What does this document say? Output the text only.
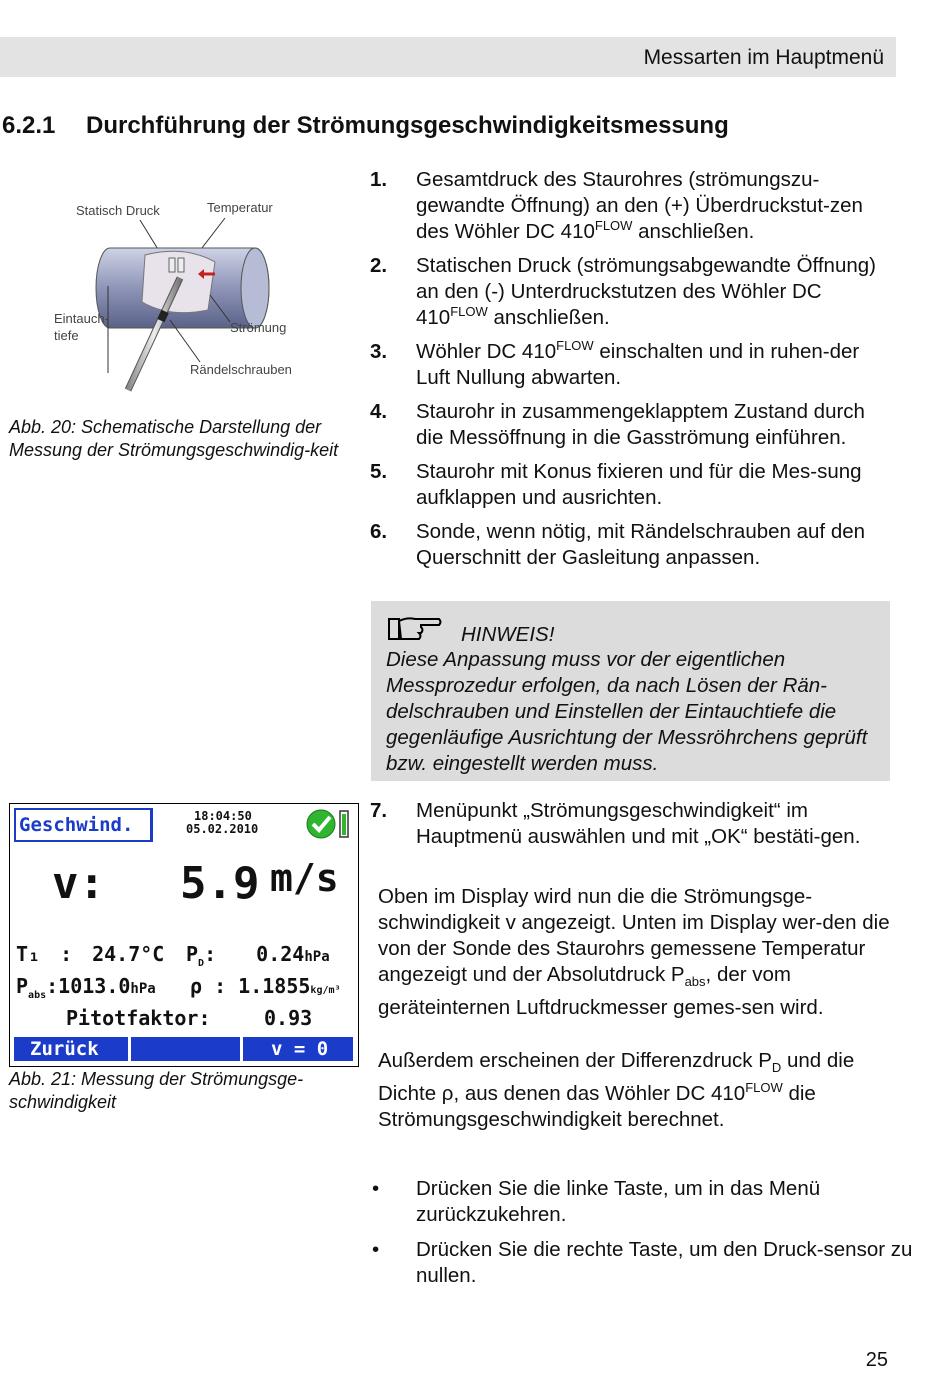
Messarten im Hauptmenü
6.2.1 Durchführung der Strömungsgeschwindigkeitsmessung
Statisch Druck	Temperatur
Eintauch-
tiefe
Strömung
Rändelschrauben
Abb. 20: Schematische Darstellung der Messung der Strömungsgeschwindig-keit
1. Gesamtdruck des Staurohres (strömungszu-gewandte Öffnung) an den (+) Überdruckstut-zen des Wöhler DC $410^{FLOW}$ anschließen.
2. Statischen Druck (strömungsabgewandte Öffnung) an den (-) Unterdruckstutzen des Wöhler DC $410^{FLOW}$ anschließen.
3. Wöhler DC $410^{FLOW}$ einschalten und in ruhen-der Luft Nullung abwarten.
4. Staurohr in zusammengeklapptem Zustand durch die Messöffnung in die Gasströmung einführen.
5. Staurohr mit Konus fixieren und für die Mes-sung aufklappen und ausrichten.
6. Sonde, wenn nötig, mit Rändelschrauben auf den Querschnitt der Gasleitung anpassen.
HINWEIS!
Diese Anpassung muss vor der eigentlichen Messprozedur erfolgen, da nach Lösen der Rän-delschrauben und Einstellen der Eintauchtiefe die gegenläufige Ausrichtung der Messröhrchens geprüft bzw. eingestellt werden muss.
Geschwind.	18:04:50
05.02.2010
v: 5.9 m/s
T₁ : 24.7°C $P_D$: 0.24hPa
$P_{abs}:1013.0hPa$ ρ : 1.1855kg/m³
Pitotfaktor:	0.93
Zurück	v = 0
Abb. 21: Messung der Strömungsge-schwindigkeit
7. Menüpunkt „Strömungsgeschwindigkeit“ im Hauptmenü auswählen und mit „OK“ bestäti-gen.
Oben im Display wird nun die die Strömungsge-schwindigkeit v angezeigt. Unten im Display wer-den die von der Sonde des Staurohrs gemessene Temperatur angezeigt und der Absolutdruck $P_{abs}$, der vom geräteinternen Luftdruckmesser gemes-sen wird.
Außerdem erscheinen der Differenzdruck $P_D$ und die Dichte ρ, aus denen das Wöhler DC $410^{FLOW}$ die Strömungsgeschwindigkeit berechnet.
• Drücken Sie die linke Taste, um in das Menü zurückzukehren.
• Drücken Sie die rechte Taste, um den Druck-sensor zu nullen.
25
